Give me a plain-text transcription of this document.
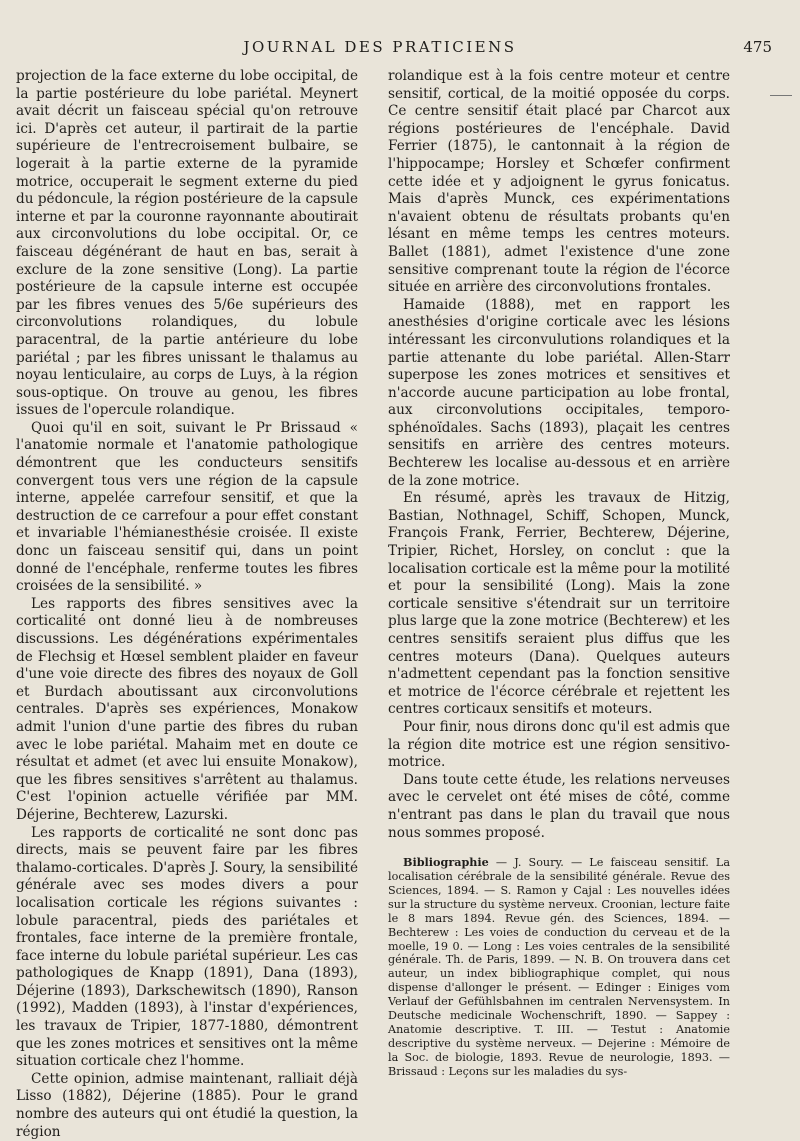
JOURNAL DES PRATICIENS	475

projection de la face externe du lobe occipital, de la partie postérieure du lobe pariétal. Meynert avait décrit un faisceau spécial qu'on retrouve ici. D'après cet auteur, il partirait de la partie supérieure de l'entrecroisement bulbaire, se logerait à la partie externe de la pyramide motrice, occuperait le segment externe du pied du pédoncule, la région postérieure de la capsule interne et par la couronne rayonnante aboutirait aux circonvolutions du lobe occipital. Or, ce faisceau dégénérant de haut en bas, serait à exclure de la zone sensitive (Long). La partie postérieure de la capsule interne est occupée par les fibres venues des 5/6e supérieurs des circonvolutions rolandiques, du lobule paracentral, de la partie antérieure du lobe pariétal ; par les fibres unissant le thalamus au noyau lenticulaire, au corps de Luys, à la région sous-optique. On trouve au genou, les fibres issues de l'opercule rolandique.

Quoi qu'il en soit, suivant le Pr Brissaud « l'anatomie normale et l'anatomie pathologique démontrent que les conducteurs sensitifs convergent tous vers une région de la capsule interne, appelée carrefour sensitif, et que la destruction de ce carrefour a pour effet constant et invariable l'hémianesthésie croisée. Il existe donc un faisceau sensitif qui, dans un point donné de l'encéphale, renferme toutes les fibres croisées de la sensibilité. »

Les rapports des fibres sensitives avec la corticalité ont donné lieu à de nombreuses discussions. Les dégénérations expérimentales de Flechsig et Hœsel semblent plaider en faveur d'une voie directe des fibres des noyaux de Goll et Burdach aboutissant aux circonvolutions centrales. D'après ses expériences, Monakow admit l'union d'une partie des fibres du ruban avec le lobe pariétal. Mahaim met en doute ce résultat et admet (et avec lui ensuite Monakow), que les fibres sensitives s'arrêtent au thalamus. C'est l'opinion actuelle vérifiée par MM. Déjerine, Bechterew, Lazurski.

Les rapports de corticalité ne sont donc pas directs, mais se peuvent faire par les fibres thalamo-corticales. D'après J. Soury, la sensibilité générale avec ses modes divers a pour localisation corticale les régions suivantes : lobule paracentral, pieds des pariétales et frontales, face interne de la première frontale, face interne du lobule pariétal supérieur. Les cas pathologiques de Knapp (1891), Dana (1893), Déjerine (1893), Darkschewitsch (1890), Ranson (1992), Madden (1893), à l'instar d'expériences, les travaux de Tripier, 1877-1880, démontrent que les zones motrices et sensitives ont la même situation corticale chez l'homme.

Cette opinion, admise maintenant, ralliait déjà Lisso (1882), Déjerine (1885). Pour le grand nombre des auteurs qui ont étudié la question, la région

rolandique est à la fois centre moteur et centre sensitif, cortical, de la moitié opposée du corps. Ce centre sensitif était placé par Charcot aux régions postérieures de l'encéphale. David Ferrier (1875), le cantonnait à la région de l'hippocampe; Horsley et Schœfer confirment cette idée et y adjoignent le gyrus fonicatus. Mais d'après Munck, ces expérimentations n'avaient obtenu de résultats probants qu'en lésant en même temps les centres moteurs. Ballet (1881), admet l'existence d'une zone sensitive comprenant toute la région de l'écorce située en arrière des circonvolutions frontales.

Hamaide (1888), met en rapport les anesthésies d'origine corticale avec les lésions intéressant les circonvulutions rolandiques et la partie attenante du lobe pariétal. Allen-Starr superpose les zones motrices et sensitives et n'accorde aucune participation au lobe frontal, aux circonvolutions occipitales, temporo-sphénoïdales. Sachs (1893), plaçait les centres sensitifs en arrière des centres moteurs. Bechterew les localise au-dessous et en arrière de la zone motrice.

En résumé, après les travaux de Hitzig, Bastian, Nothnagel, Schiff, Schopen, Munck, François Frank, Ferrier, Bechterew, Déjerine, Tripier, Richet, Horsley, on conclut : que la localisation corticale est la même pour la motilité et pour la sensibilité (Long). Mais la zone corticale sensitive s'étendrait sur un territoire plus large que la zone motrice (Bechterew) et les centres sensitifs seraient plus diffus que les centres moteurs (Dana). Quelques auteurs n'admettent cependant pas la fonction sensitive et motrice de l'écorce cérébrale et rejettent les centres corticaux sensitifs et moteurs.

Pour finir, nous dirons donc qu'il est admis que la région dite motrice est une région sensitivo-motrice.

Dans toute cette étude, les relations nerveuses avec le cervelet ont été mises de côté, comme n'entrant pas dans le plan du travail que nous nous sommes proposé.

Bibliographie — J. Soury. — Le faisceau sensitif. La localisation cérébrale de la sensibilité générale. Revue des Sciences, 1894. — S. Ramon y Cajal : Les nouvelles idées sur la structure du système nerveux. Croonian, lecture faite le 8 mars 1894. Revue gén. des Sciences, 1894. — Bechterew : Les voies de conduction du cerveau et de la moelle, 19 0. — Long : Les voies centrales de la sensibilité générale. Th. de Paris, 1899. — N. B. On trouvera dans cet auteur, un index bibliographique complet, qui nous dispense d'allonger le présent. — Edinger : Einiges vom Verlauf der Gefühlsbahnen im centralen Nervensystem. In Deutsche medicinale Wochenschrift, 1890. — Sappey : Anatomie descriptive. T. III. — Testut : Anatomie descriptive du système nerveux. — Dejerine : Mémoire de la Soc. de biologie, 1893. Revue de neurologie, 1893. — Brissaud : Leçons sur les maladies du sys-
